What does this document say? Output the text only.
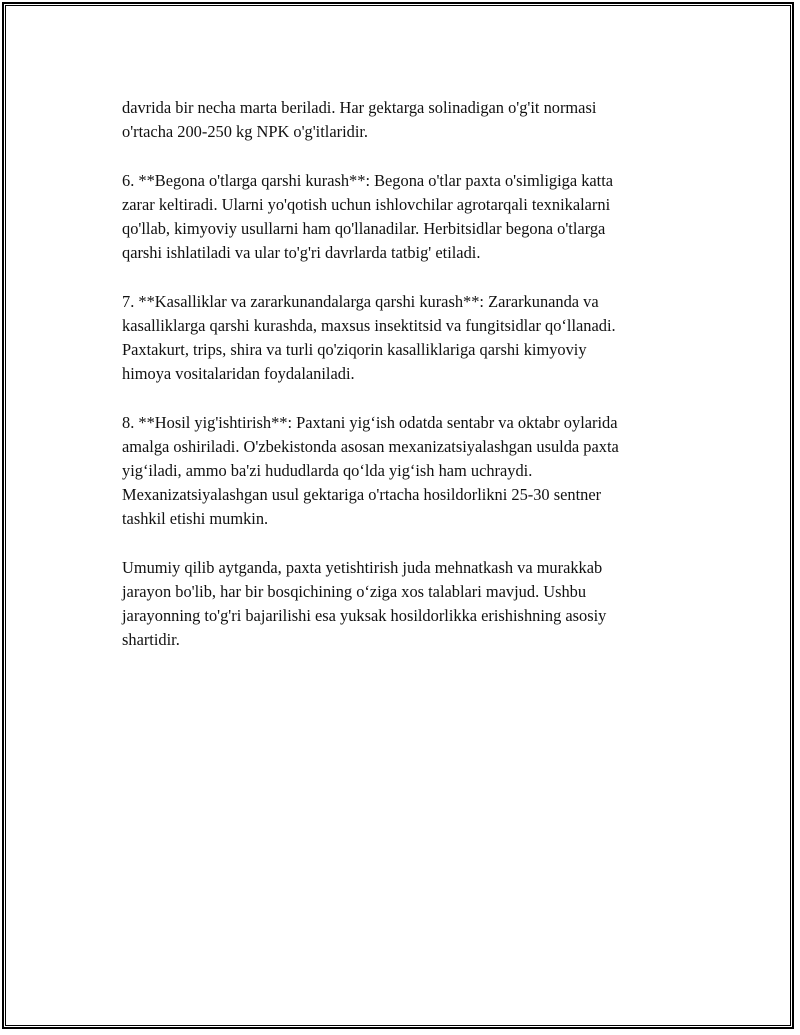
davrida bir necha marta beriladi. Har gektarga solinadigan o'g'it normasi
o'rtacha 200-250 kg NPK o'g'itlaridir.

6. **Begona o'tlarga qarshi kurash**: Begona o'tlar paxta o'simligiga katta
zarar keltiradi. Ularni yo'qotish uchun ishlovchilar agrotarqali texnikalarni
qo'llab, kimyoviy usullarni ham qo'llanadilar. Herbitsidlar begona o'tlarga
qarshi ishlatiladi va ular to'g'ri davrlarda tatbig' etiladi.

7. **Kasalliklar va zararkunandalarga qarshi kurash**: Zararkunanda va
kasalliklarga qarshi kurashda, maxsus insektitsid va fungitsidlar qo‘llanadi.
Paxtakurt, trips, shira va turli qo'ziqorin kasalliklariga qarshi kimyoviy
himoya vositalaridan foydalaniladi.

8. **Hosil yig'ishtirish**: Paxtani yig‘ish odatda sentabr va oktabr oylarida
amalga oshiriladi. O'zbekistonda asosan mexanizatsiyalashgan usulda paxta
yig‘iladi, ammo ba'zi hududlarda qo‘lda yig‘ish ham uchraydi.
Mexanizatsiyalashgan usul gektariga o'rtacha hosildorlikni 25-30 sentner
tashkil etishi mumkin.

Umumiy qilib aytganda, paxta yetishtirish juda mehnatkash va murakkab
jarayon bo'lib, har bir bosqichining o‘ziga xos talablari mavjud. Ushbu
jarayonning to'g'ri bajarilishi esa yuksak hosildorlikka erishishning asosiy
shartidir.
